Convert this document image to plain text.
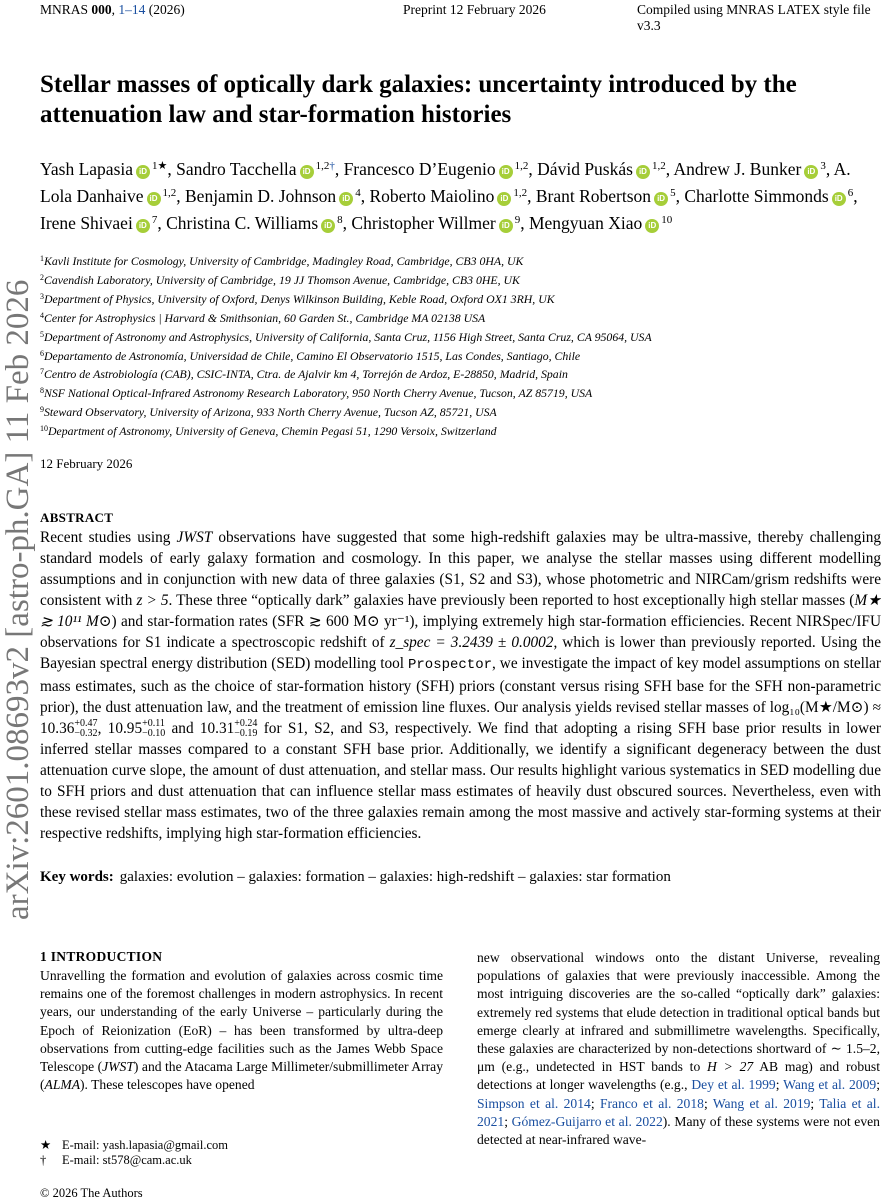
MNRAS 000, 1–14 (2026)	Preprint 12 February 2026	Compiled using MNRAS LATEX style file v3.3
arXiv:2601.08693v2 [astro-ph.GA] 11 Feb 2026
Stellar masses of optically dark galaxies: uncertainty introduced by the attenuation law and star-formation histories
Yash Lapasia iD $^{1★}$, Sandro Tacchella iD $^{1,2\dagger}$, Francesco D’Eugenio iD $^{1,2}$, Dávid Puskás iD $^{1,2}$, Andrew J. Bunker iD $^3$, A. Lola Danhaive iD $^{1,2}$, Benjamin D. Johnson iD $^4$, Roberto Maiolino iD $^{1,2}$, Brant Robertson iD $^5$, Charlotte Simmonds iD $^6$, Irene Shivaei iD $^7$, Christina C. Williams iD $^8$, Christopher Willmer iD $^9$, Mengyuan Xiao iD $^{10}$
$^1$Kavli Institute for Cosmology, University of Cambridge, Madingley Road, Cambridge, CB3 0HA, UK
$^2$Cavendish Laboratory, University of Cambridge, 19 JJ Thomson Avenue, Cambridge, CB3 0HE, UK
$^3$Department of Physics, University of Oxford, Denys Wilkinson Building, Keble Road, Oxford OX1 3RH, UK
$^4$Center for Astrophysics | Harvard & Smithsonian, 60 Garden St., Cambridge MA 02138 USA
$^5$Department of Astronomy and Astrophysics, University of California, Santa Cruz, 1156 High Street, Santa Cruz, CA 95064, USA
$^6$Departamento de Astronomía, Universidad de Chile, Camino El Observatorio 1515, Las Condes, Santiago, Chile
$^7$Centro de Astrobiología (CAB), CSIC-INTA, Ctra. de Ajalvir km 4, Torrejón de Ardoz, E-28850, Madrid, Spain
$^8$NSF National Optical-Infrared Astronomy Research Laboratory, 950 North Cherry Avenue, Tucson, AZ 85719, USA
$^9$Steward Observatory, University of Arizona, 933 North Cherry Avenue, Tucson AZ, 85721, USA
$^{10}$Department of Astronomy, University of Geneva, Chemin Pegasi 51, 1290 Versoix, Switzerland
12 February 2026
ABSTRACT
Recent studies using JWST observations have suggested that some high-redshift galaxies may be ultra-massive, thereby challenging standard models of early galaxy formation and cosmology. In this paper, we analyse the stellar masses using different modelling assumptions and in conjunction with new data of three galaxies (S1, S2 and S3), whose photometric and NIRCam/grism redshifts were consistent with z > 5. These three “optically dark” galaxies have previously been reported to host exceptionally high stellar masses (M★ ≳ 10¹¹ M⊙) and star-formation rates (SFR ≳ 600 M⊙ yr⁻¹), implying extremely high star-formation efficiencies. Recent NIRSpec/IFU observations for S1 indicate a spectroscopic redshift of z_spec = 3.2439 ± 0.0002, which is lower than previously reported. Using the Bayesian spectral energy distribution (SED) modelling tool Prospector, we investigate the impact of key model assumptions on stellar mass estimates, such as the choice of star-formation history (SFH) priors (constant versus rising SFH base for the SFH non-parametric prior), the dust attenuation law, and the treatment of emission line fluxes. Our analysis yields revised stellar masses of log₁₀(M★/M⊙) ≈ 10.36+0.47
−0.32, 10.95+0.11
−0.10 and 10.31+0.24
−0.19 for S1, S2, and S3, respectively. We find that adopting a rising SFH base prior results in lower inferred stellar masses compared to a constant SFH base prior. Additionally, we identify a significant degeneracy between the dust attenuation curve slope, the amount of dust attenuation, and stellar mass. Our results highlight various systematics in SED modelling due to SFH priors and dust attenuation that can influence stellar mass estimates of heavily dust obscured sources. Nevertheless, even with these revised stellar mass estimates, two of the three galaxies remain among the most massive and actively star-forming systems at their respective redshifts, implying high star-formation efficiencies.
Key words: galaxies: evolution – galaxies: formation – galaxies: high-redshift – galaxies: star formation
1 INTRODUCTION
Unravelling the formation and evolution of galaxies across cosmic time remains one of the foremost challenges in modern astrophysics. In recent years, our understanding of the early Universe – particularly during the Epoch of Reionization (EoR) – has been transformed by ultra-deep observations from cutting-edge facilities such as the James Webb Space Telescope (JWST) and the Atacama Large Millimeter/submillimeter Array (ALMA). These telescopes have opened
new observational windows onto the distant Universe, revealing populations of galaxies that were previously inaccessible. Among the most intriguing discoveries are the so-called “optically dark” galaxies: extremely red systems that elude detection in traditional optical bands but emerge clearly at infrared and submillimetre wavelengths. Specifically, these galaxies are characterized by non-detections shortward of ∼ 1.5–2, μm (e.g., undetected in HST bands to H > 27 AB mag) and robust detections at longer wavelengths (e.g., Dey et al. 1999; Wang et al. 2009; Simpson et al. 2014; Franco et al. 2018; Wang et al. 2019; Talia et al. 2021; Gómez-Guijarro et al. 2022). Many of these systems were not even detected at near-infrared wave-
★ E-mail: yash.lapasia@gmail.com
† E-mail: st578@cam.ac.uk
© 2026 The Authors
